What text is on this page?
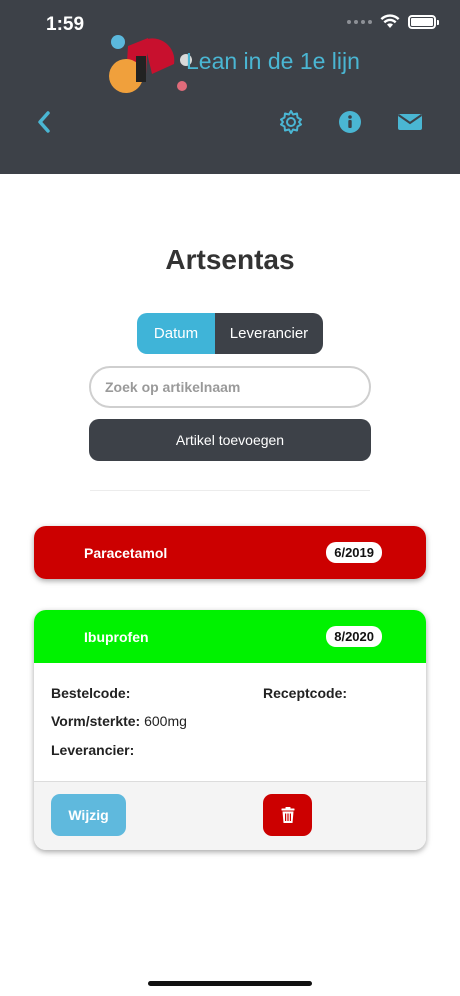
1:59
Lean in de 1e lijn
Artsentas
Datum	Leverancier
Zoek op artikelnaam
Artikel toevoegen
Paracetamol	6/2019
Ibuprofen	8/2020
Bestelcode:	Receptcode:
Vorm/sterkte: 600mg
Leverancier:
Wijzig
